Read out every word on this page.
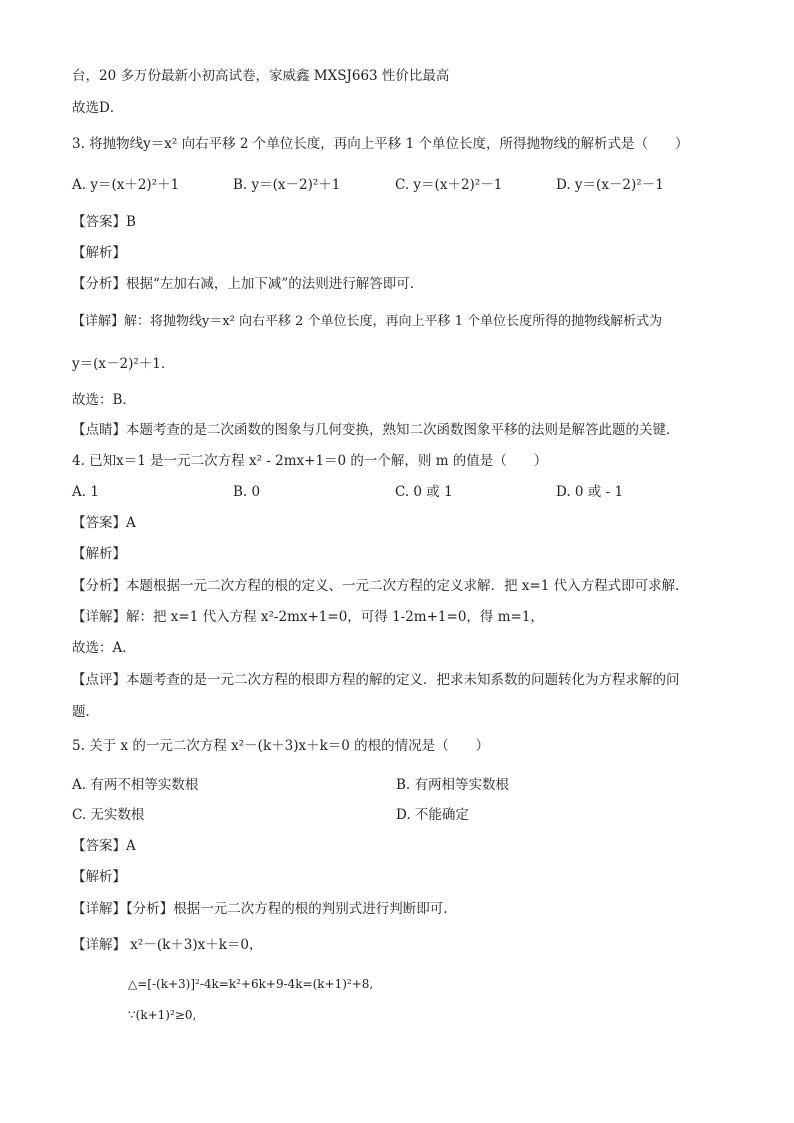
台，20 多万份最新小初高试卷，家威鑫 MXSJ663 性价比最高
故选D．
3. 将抛物线y＝x² 向右平移 2 个单位长度，再向上平移 1 个单位长度，所得抛物线的解析式是（　　）
A. y＝(x＋2)²＋1	B. y＝(x－2)²＋1	C. y＝(x＋2)²－1	D. y＝(x－2)²－1
【答案】B
【解析】
【分析】根据“左加右减，上加下减”的法则进行解答即可．
【详解】解：将抛物线y＝x² 向右平移 2 个单位长度，再向上平移 1 个单位长度所得的抛物线解析式为
y＝(x－2)²＋1．
故选：B．
【点睛】本题考查的是二次函数的图象与几何变换，熟知二次函数图象平移的法则是解答此题的关键．
4. 已知x＝1 是一元二次方程 x² - 2mx+1＝0 的一个解，则 m 的值是（　　）
A. 1	B. 0	C. 0 或 1	D. 0 或 - 1
【答案】A
【解析】
【分析】本题根据一元二次方程的根的定义、一元二次方程的定义求解．把 x=1 代入方程式即可求解．
【详解】解：把 x=1 代入方程 x²-2mx+1=0，可得 1-2m+1=0，得 m=1，
故选：A．
【点评】本题考查的是一元二次方程的根即方程的解的定义．把求未知系数的问题转化为方程求解的问
题．
5. 关于 x 的一元二次方程 x²－(k＋3)x＋k＝0 的根的情况是（　　）
A. 有两不相等实数根	B. 有两相等实数根
C. 无实数根	D. 不能确定
【答案】A
【解析】
【详解】【分析】根据一元二次方程的根的判别式进行判断即可.
【详解】 x²－(k＋3)x＋k＝0，
△=[-(k+3)]²-4k=k²+6k+9-4k=(k+1)²+8,
∵(k+1)²≥0,
